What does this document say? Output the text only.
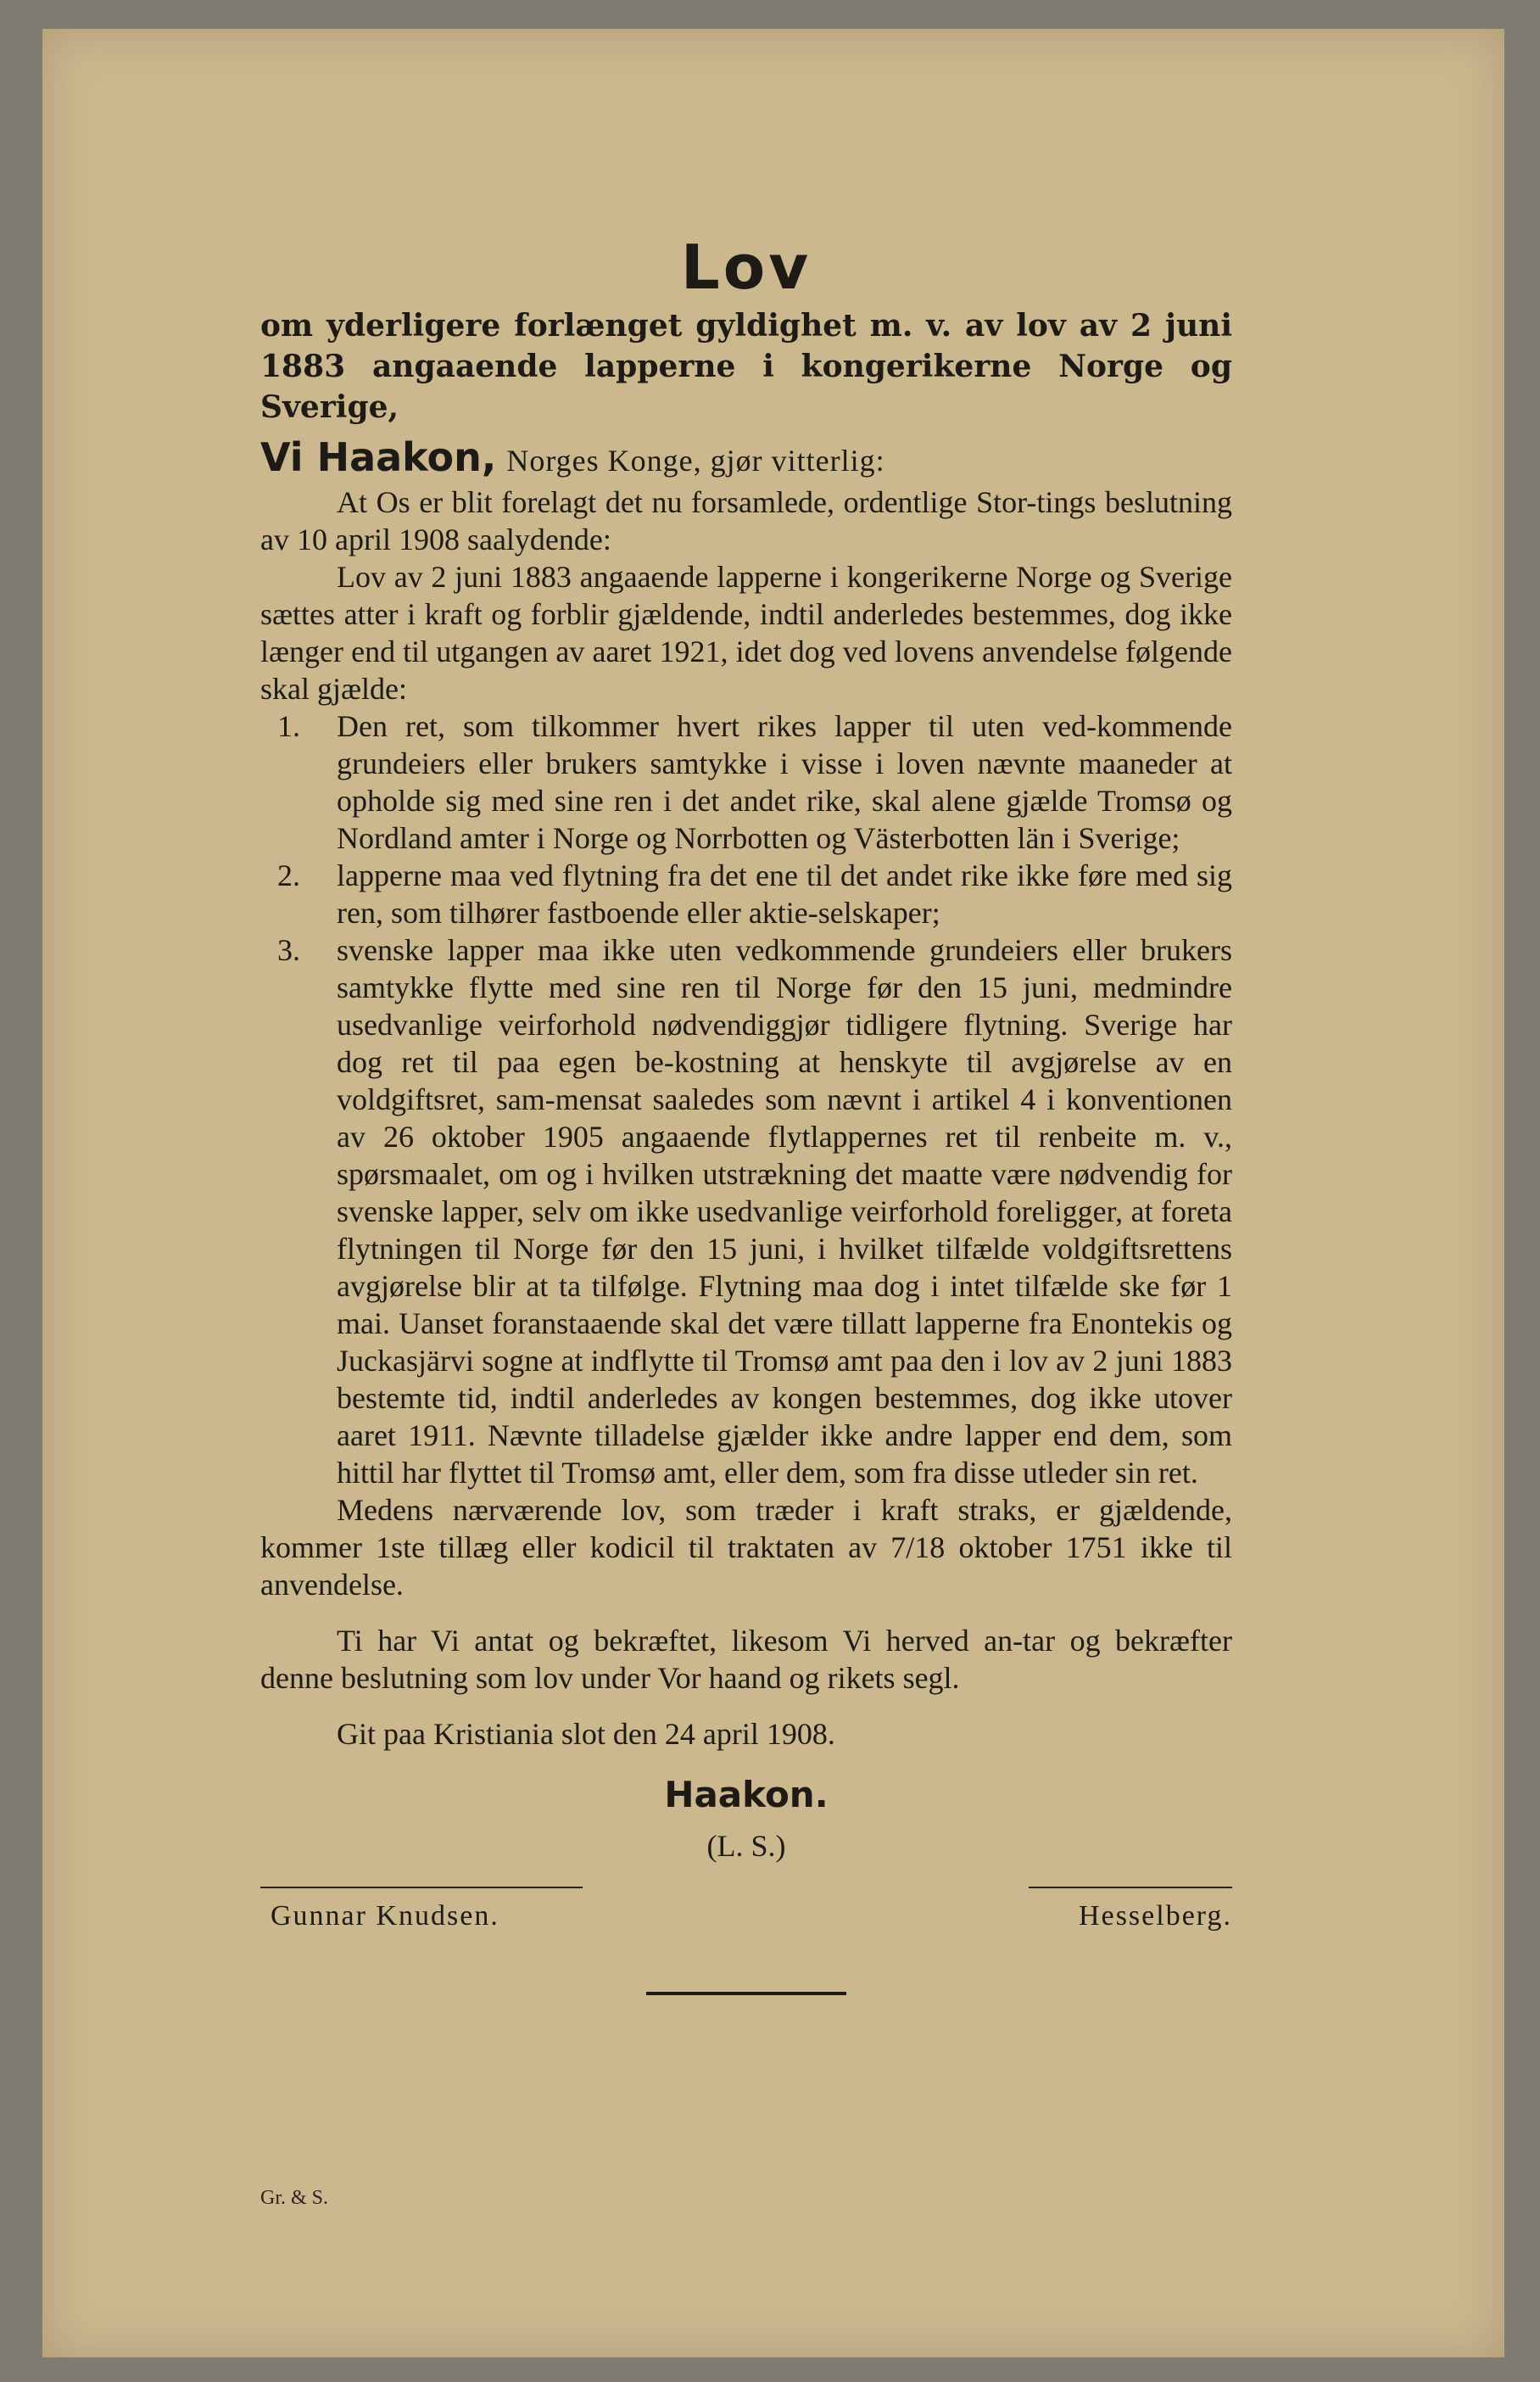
Lov
om yderligere forlænget gyldighet m. v. av lov av 2 juni
1883 angaaende lapperne i kongerikerne Norge og Sverige,
Vi Haakon, Norges Konge, gjør vitterlig:

At Os er blit forelagt det nu forsamlede, ordentlige Stor-tings beslutning av 10 april 1908 saalydende:

Lov av 2 juni 1883 angaaende lapperne i kongerikerne Norge og Sverige sættes atter i kraft og forblir gjældende, indtil anderledes bestemmes, dog ikke længer end til utgangen av aaret 1921, idet dog ved lovens anvendelse følgende skal gjælde:

1. Den ret, som tilkommer hvert rikes lapper til uten ved-kommende grundeiers eller brukers samtykke i visse i loven nævnte maaneder at opholde sig med sine ren i det andet rike, skal alene gjælde Tromsø og Nordland amter i Norge og Norrbotten og Västerbotten län i Sverige;
2. lapperne maa ved flytning fra det ene til det andet rike ikke føre med sig ren, som tilhører fastboende eller aktie-selskaper;
3. svenske lapper maa ikke uten vedkommende grundeiers eller brukers samtykke flytte med sine ren til Norge før den 15 juni, medmindre usedvanlige veirforhold nødvendiggjør tidligere flytning. Sverige har dog ret til paa egen be-kostning at henskyte til avgjørelse av en voldgiftsret, sam-mensat saaledes som nævnt i artikel 4 i konventionen av 26 oktober 1905 angaaende flytlappernes ret til renbeite m. v., spørsmaalet, om og i hvilken utstrækning det maatte være nødvendig for svenske lapper, selv om ikke usedvanlige veirforhold foreligger, at foreta flytningen til Norge før den 15 juni, i hvilket tilfælde voldgiftsrettens avgjørelse blir at ta tilfølge. Flytning maa dog i intet tilfælde ske før 1 mai. Uanset foranstaaende skal det være tillatt lapperne fra Enontekis og Juckasjärvi sogne at indflytte til Tromsø amt paa den i lov av 2 juni 1883 bestemte tid, indtil anderledes av kongen bestemmes, dog ikke utover aaret 1911. Nævnte tilladelse gjælder ikke andre lapper end dem, som hittil har flyttet til Tromsø amt, eller dem, som fra disse utleder sin ret.

Medens nærværende lov, som træder i kraft straks, er gjældende, kommer 1ste tillæg eller kodicil til traktaten av 7/18 oktober 1751 ikke til anvendelse.

Ti har Vi antat og bekræftet, likesom Vi herved an-tar og bekræfter denne beslutning som lov under Vor haand og rikets segl.

Git paa Kristiania slot den 24 april 1908.

Haakon.
(L. S.)
Gunnar Knudsen.	Hesselberg.
Gr. & S.
